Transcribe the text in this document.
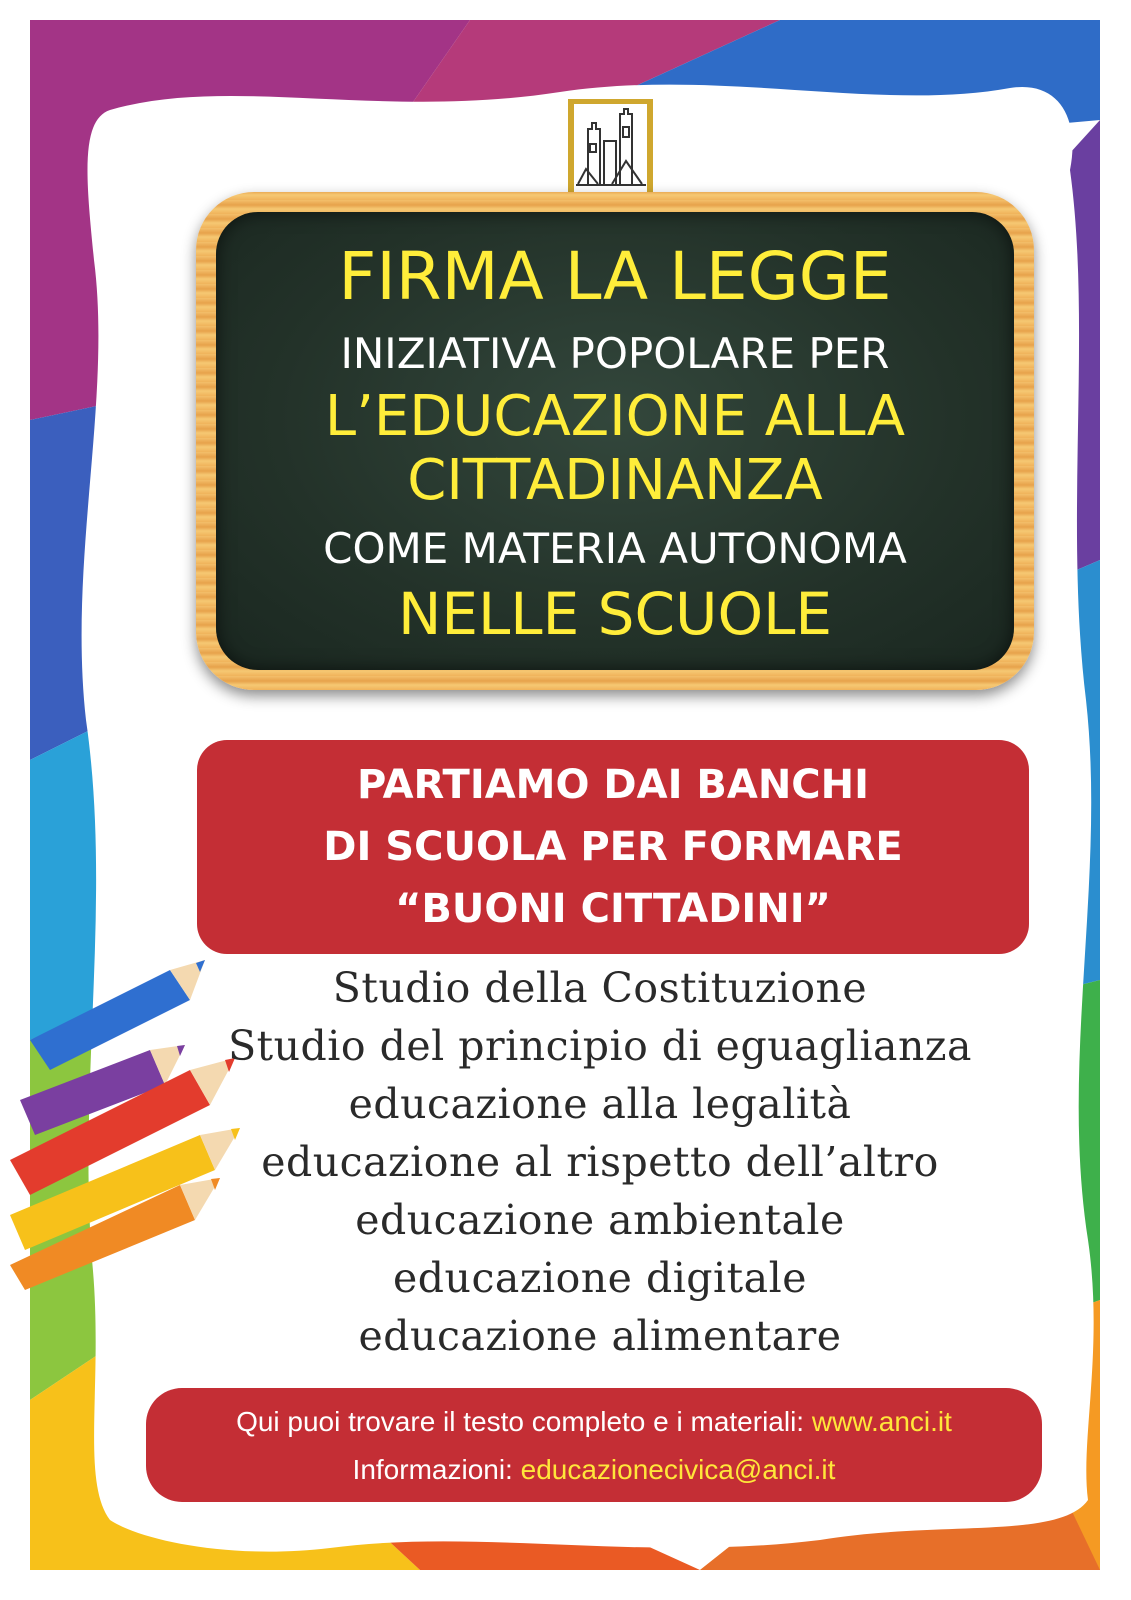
FIRMA LA LEGGE
INIZIATIVA POPOLARE PER
L’EDUCAZIONE ALLA
CITTADINANZA
COME MATERIA AUTONOMA
NELLE SCUOLE
PARTIAMO DAI BANCHI
DI SCUOLA PER FORMARE
“BUONI CITTADINI”
Studio della Costituzione
Studio del principio di eguaglianza
educazione alla legalità
educazione al rispetto dell’altro
educazione ambientale
educazione digitale
educazione alimentare
Qui puoi trovare il testo completo e i materiali: www.anci.it
Informazioni: educazionecivica@anci.it
